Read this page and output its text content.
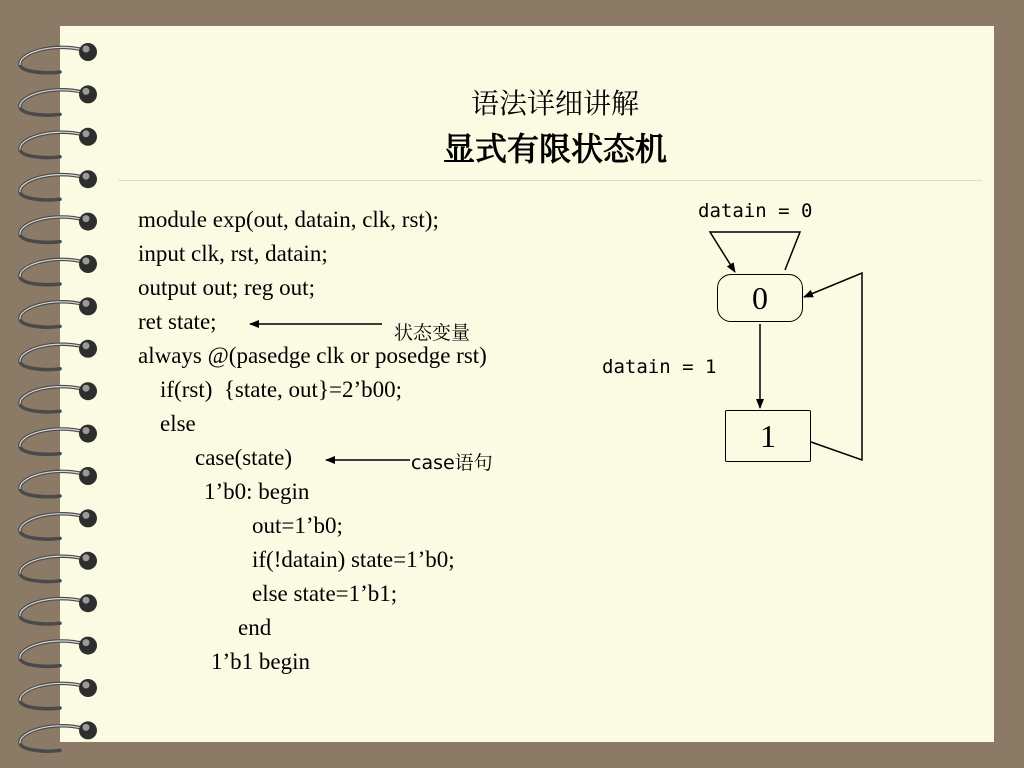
语法详细讲解
显式有限状态机
module exp(out, datain, clk, rst);
input clk, rst, datain;
output out; reg out;
ret state;
always @(pasedge clk or posedge rst)
if(rst)  {state, out}=2’b00;
else
case(state)
1’b0: begin
out=1’b0;
if(!datain) state=1’b0;
else state=1’b1;
end
1’b1 begin
状态变量
case语句
datain = 0
datain = 1
0
1
